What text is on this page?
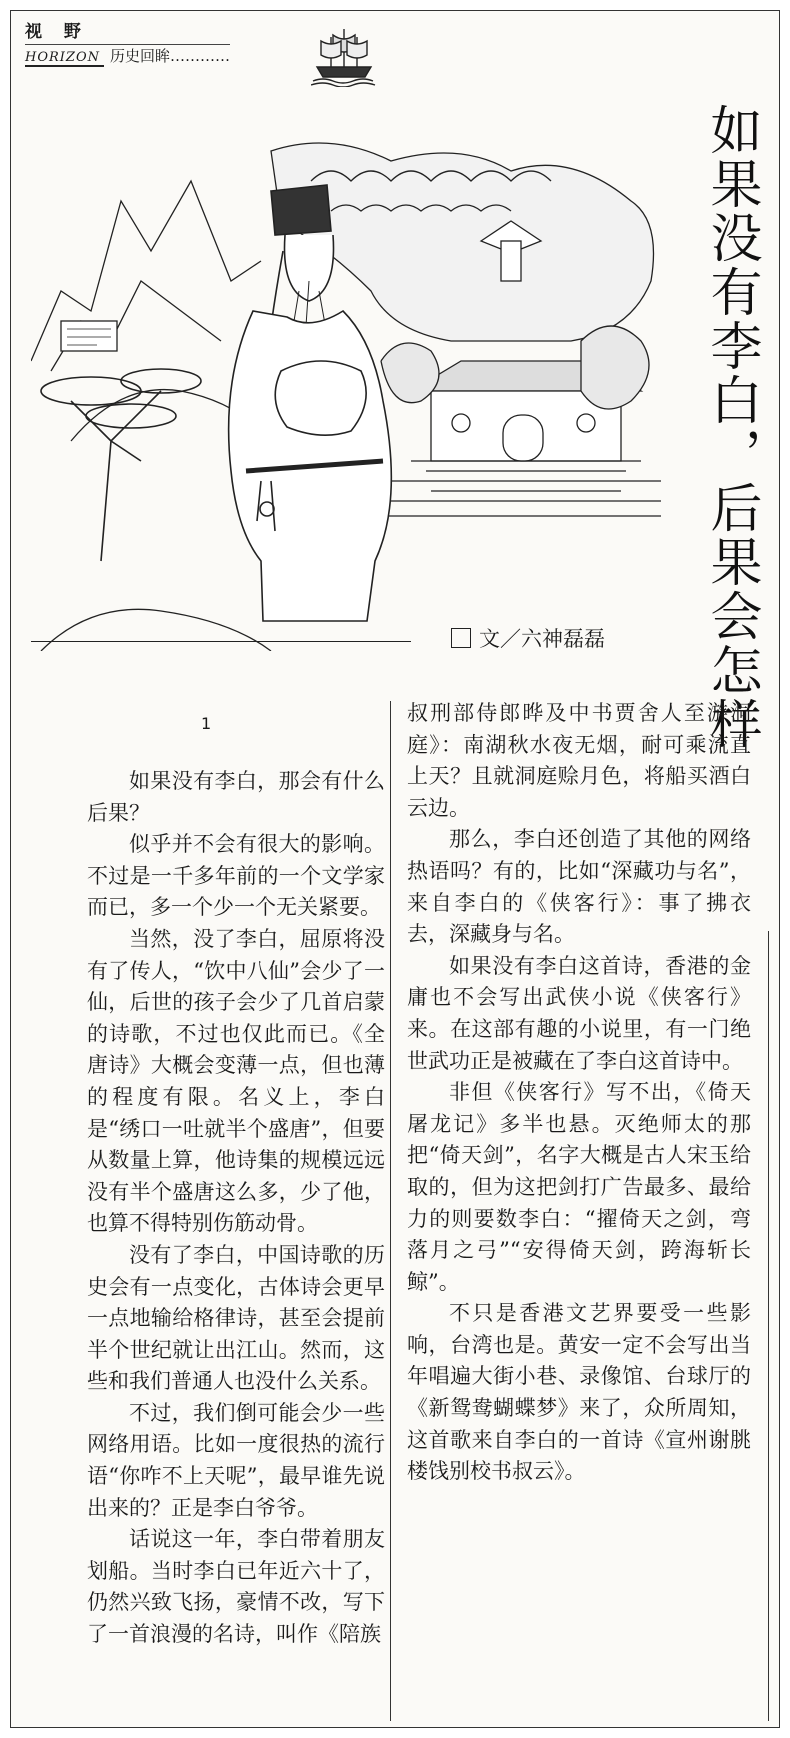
视 野
HORIZON 历史回眸…………
如果没有李白，后果会怎样
文／六神磊磊
1

如果没有李白，那会有什么后果？

似乎并不会有很大的影响。不过是一千多年前的一个文学家而已，多一个少一个无关紧要。

当然，没了李白，屈原将没有了传人，“饮中八仙”会少了一仙，后世的孩子会少了几首启蒙的诗歌，不过也仅此而已。《全唐诗》大概会变薄一点，但也薄的程度有限。名义上，李白是“绣口一吐就半个盛唐”，但要从数量上算，他诗集的规模远远没有半个盛唐这么多，少了他，也算不得特别伤筋动骨。

没有了李白，中国诗歌的历史会有一点变化，古体诗会更早一点地输给格律诗，甚至会提前半个世纪就让出江山。然而，这些和我们普通人也没什么关系。

不过，我们倒可能会少一些网络用语。比如一度很热的流行语“你咋不上天呢”，最早谁先说出来的？正是李白爷爷。

话说这一年，李白带着朋友划船。当时李白已年近六十了，仍然兴致飞扬，豪情不改，写下了一首浪漫的名诗，叫作《陪族

叔刑部侍郎晔及中书贾舍人至游洞庭》：南湖秋水夜无烟，耐可乘流直上天？且就洞庭赊月色，将船买酒白云边。

那么，李白还创造了其他的网络热语吗？有的，比如“深藏功与名”，来自李白的《侠客行》：事了拂衣去，深藏身与名。

如果没有李白这首诗，香港的金庸也不会写出武侠小说《侠客行》来。在这部有趣的小说里，有一门绝世武功正是被藏在了李白这首诗中。

非但《侠客行》写不出，《倚天屠龙记》多半也悬。灭绝师太的那把“倚天剑”，名字大概是古人宋玉给取的，但为这把剑打广告最多、最给力的则要数李白：“擢倚天之剑，弯落月之弓”“安得倚天剑，跨海斩长鲸”。

不只是香港文艺界要受一些影响，台湾也是。黄安一定不会写出当年唱遍大街小巷、录像馆、台球厅的《新鸳鸯蝴蝶梦》来了，众所周知，这首歌来自李白的一首诗《宣州谢朓楼饯别校书叔云》。
